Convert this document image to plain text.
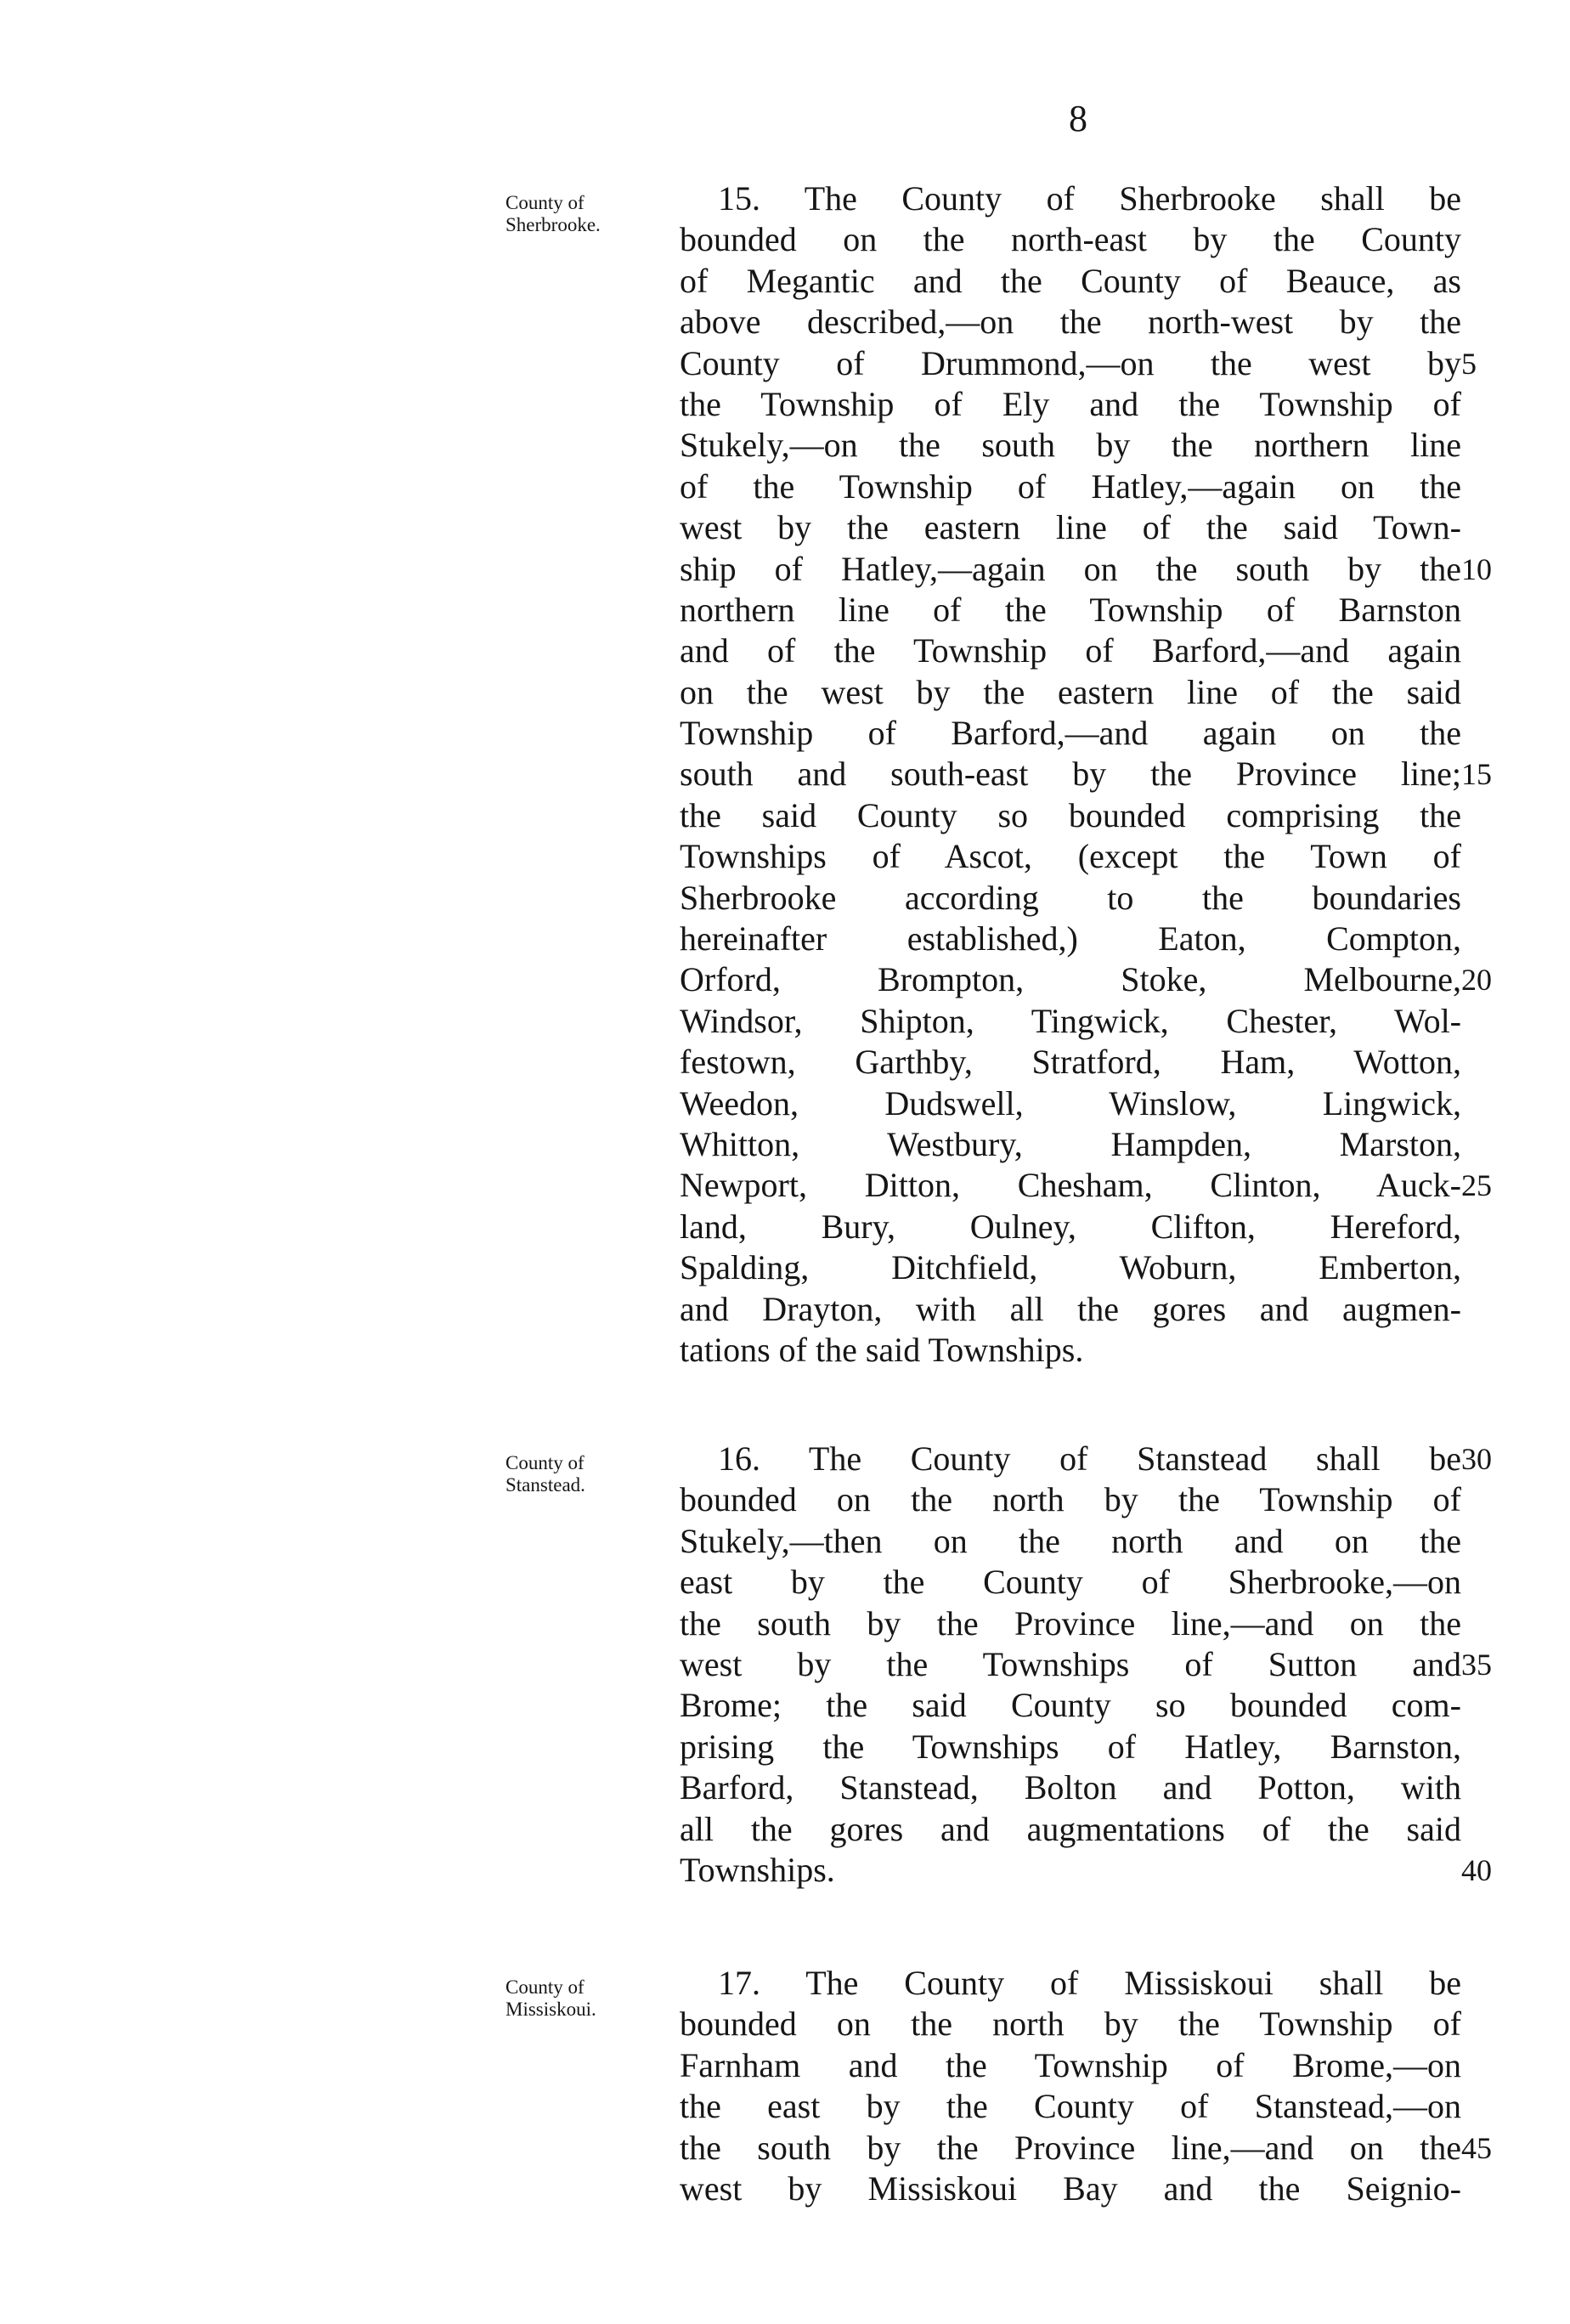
8
County of
Sherbrooke.
15. The County of Sherbrooke shall be
bounded on the north-east by the County
of Megantic and the County of Beauce, as
above described,—on the north-west by the
County of Drummond,—on the west by 5
the Township of Ely and the Township of
Stukely,—on the south by the northern line
of the Township of Hatley,—again on the
west by the eastern line of the said Town-
ship of Hatley,—again on the south by the 10
northern line of the Township of Barnston
and of the Township of Barford,—and again
on the west by the eastern line of the said
Township of Barford,—and again on the
south and south-east by the Province line; 15
the said County so bounded comprising the
Townships of Ascot, (except the Town of
Sherbrooke according to the boundaries
hereinafter established,) Eaton, Compton,
Orford, Brompton, Stoke, Melbourne, 20
Windsor, Shipton, Tingwick, Chester, Wol-
festown, Garthby, Stratford, Ham, Wotton,
Weedon, Dudswell, Winslow, Lingwick,
Whitton, Westbury, Hampden, Marston,
Newport, Ditton, Chesham, Clinton, Auck- 25
land, Bury, Oulney, Clifton, Hereford,
Spalding, Ditchfield, Woburn, Emberton,
and Drayton, with all the gores and augmen-
tations of the said Townships.
County of
Stanstead.
16. The County of Stanstead shall be 30
bounded on the north by the Township of
Stukely,—then on the north and on the
east by the County of Sherbrooke,—on
the south by the Province line,—and on the
west by the Townships of Sutton and 35
Brome; the said County so bounded com-
prising the Townships of Hatley, Barnston,
Barford, Stanstead, Bolton and Potton, with
all the gores and augmentations of the said
Townships.	40
County of
Missiskoui.
17. The County of Missiskoui shall be
bounded on the north by the Township of
Farnham and the Township of Brome,—on
the east by the County of Stanstead,—on
the south by the Province line,—and on the 45
west by Missiskoui Bay and the Seignio-
